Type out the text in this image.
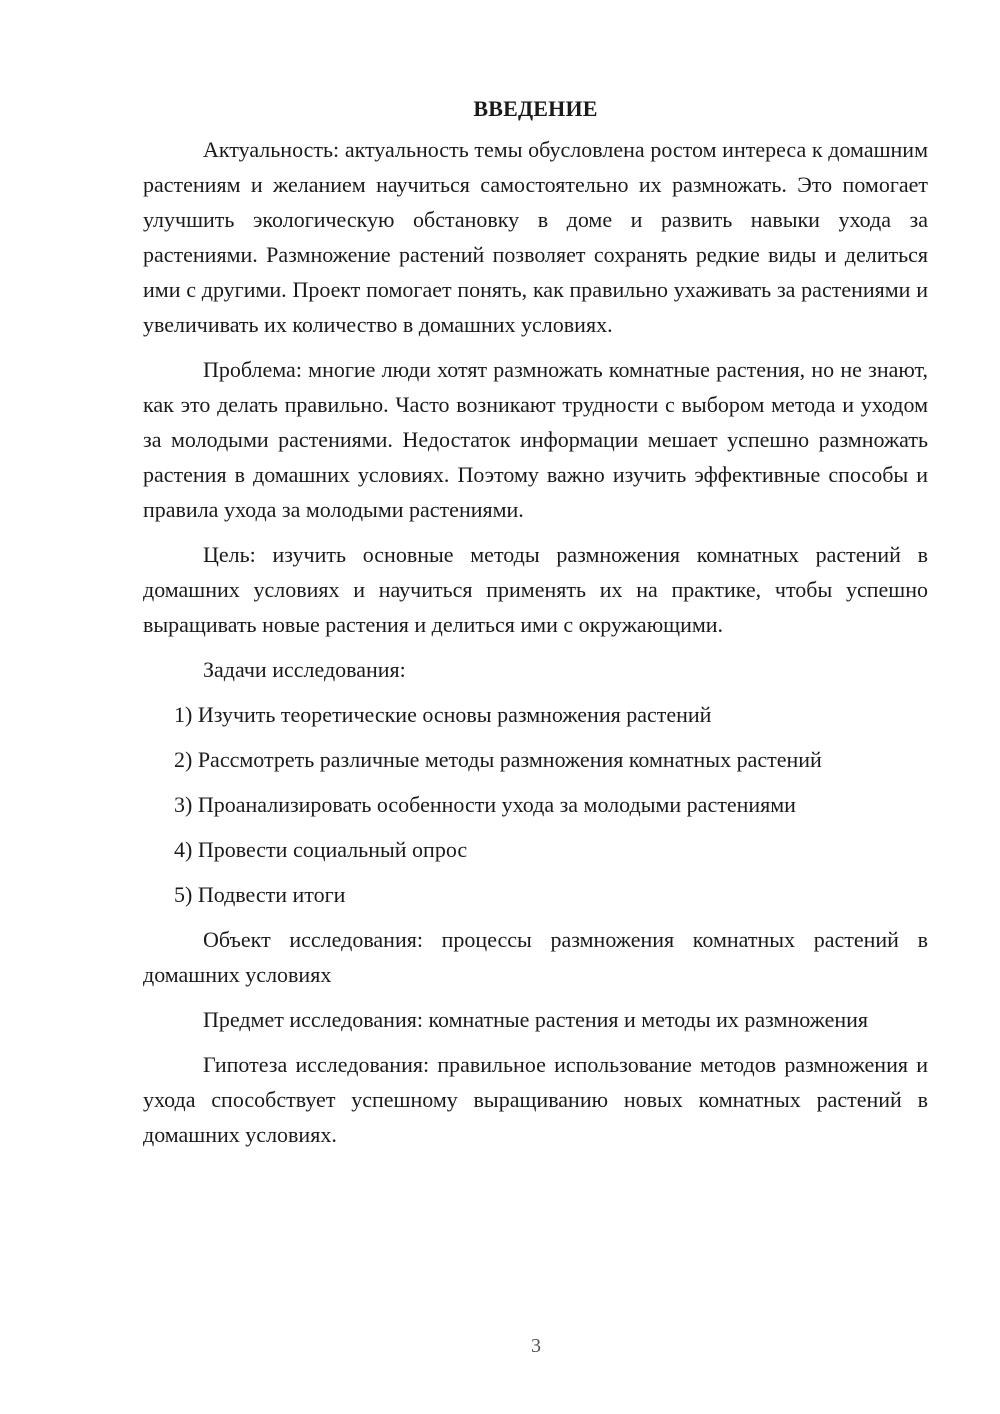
ВВЕДЕНИЕ

Актуальность: актуальность темы обусловлена ростом интереса к домашним растениям и желанием научиться самостоятельно их размножать. Это помогает улучшить экологическую обстановку в доме и развить навыки ухода за растениями. Размножение растений позволяет сохранять редкие виды и делиться ими с другими. Проект помогает понять, как правильно ухаживать за растениями и увеличивать их количество в домашних условиях.

Проблема: многие люди хотят размножать комнатные растения, но не знают, как это делать правильно. Часто возникают трудности с выбором метода и уходом за молодыми растениями. Недостаток информации мешает успешно размножать растения в домашних условиях. Поэтому важно изучить эффективные способы и правила ухода за молодыми растениями.

Цель: изучить основные методы размножения комнатных растений в домашних условиях и научиться применять их на практике, чтобы успешно выращивать новые растения и делиться ими с окружающими.

Задачи исследования:

1) Изучить теоретические основы размножения растений
2) Рассмотреть различные методы размножения комнатных растений
3) Проанализировать особенности ухода за молодыми растениями
4) Провести социальный опрос
5) Подвести итоги

Объект исследования: процессы размножения комнатных растений в домашних условиях

Предмет исследования: комнатные растения и методы их размножения

Гипотеза исследования: правильное использование методов размножения и ухода способствует успешному выращиванию новых комнатных растений в домашних условиях.

3
